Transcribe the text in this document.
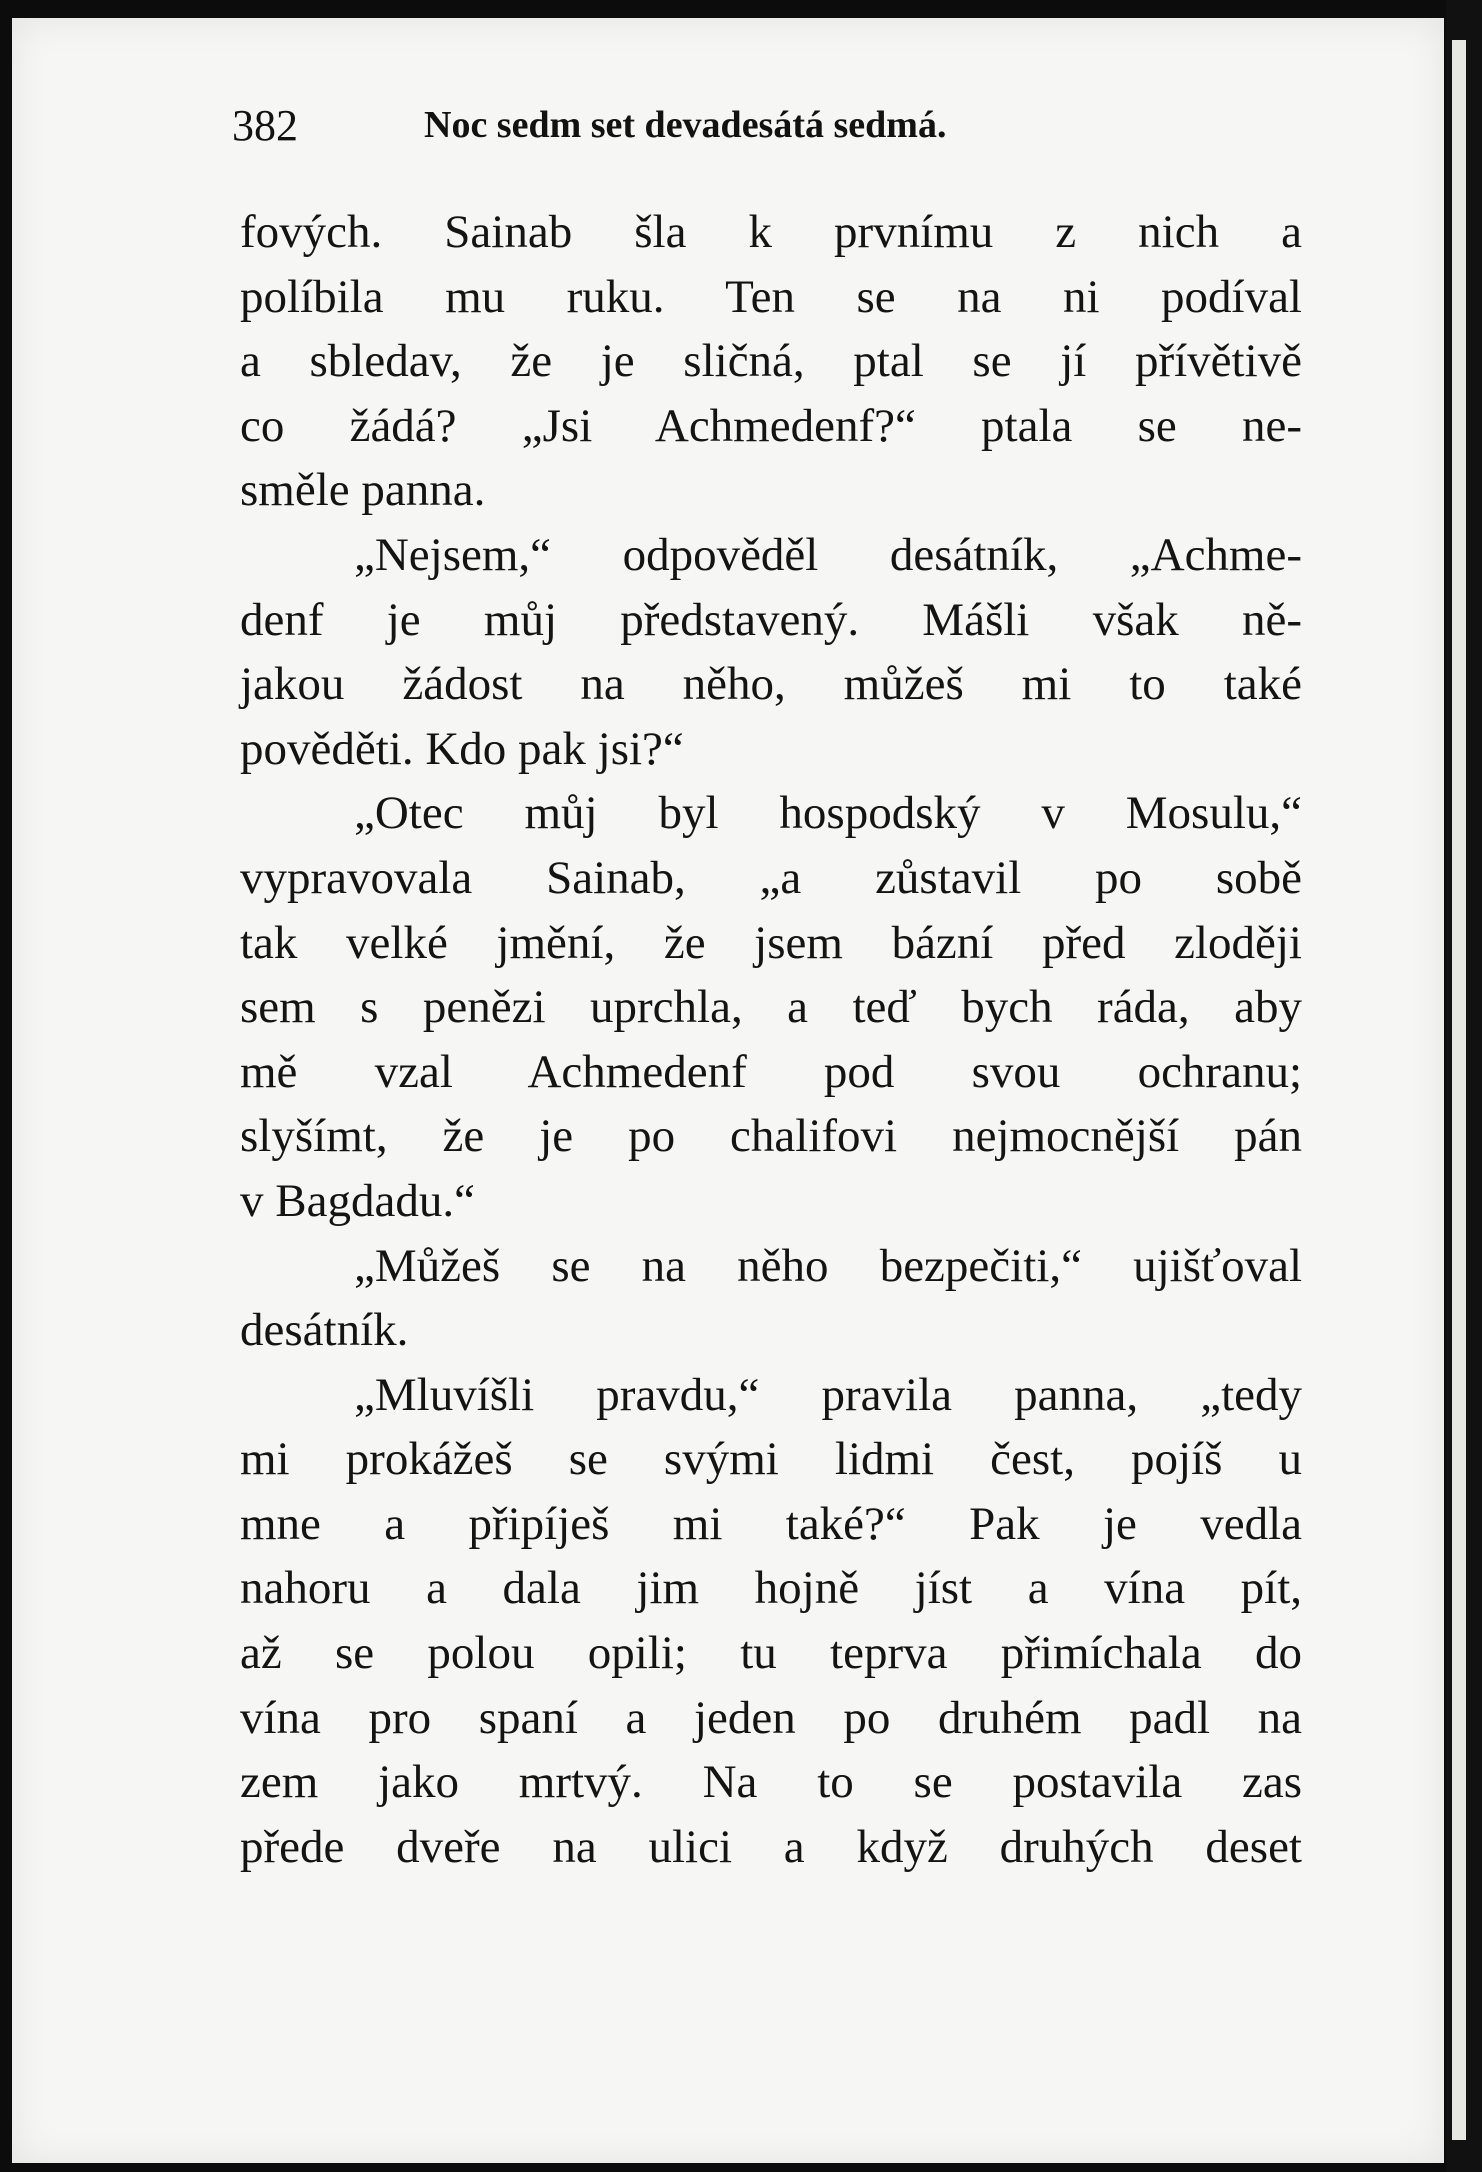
382	Noc sedm set devadesátá sedmá.
fových. Sainab šla k prvnímu z nich a
políbila mu ruku. Ten se na ni podíval
a sbledav, že je sličná, ptal se jí přívětivě
co žádá? „Jsi Achmedenf?“ ptala se ne-
směle panna.
„Nejsem,“ odpověděl desátník, „Achme-
denf je můj představený. Mášli však ně-
jakou žádost na něho, můžeš mi to také
pověděti. Kdo pak jsi?“
„Otec můj byl hospodský v Mosulu,“
vypravovala Sainab, „a zůstavil po sobě
tak velké jmění, že jsem bázní před zloději
sem s penězi uprchla, a teď bych ráda, aby
mě vzal Achmedenf pod svou ochranu;
slyšímt, že je po chalifovi nejmocnější pán
v Bagdadu.“
„Můžeš se na něho bezpečiti,“ ujišťoval
desátník.
„Mluvíšli pravdu,“ pravila panna, „tedy
mi prokážeš se svými lidmi čest, pojíš u
mne a připíješ mi také?“ Pak je vedla
nahoru a dala jim hojně jíst a vína pít,
až se polou opili; tu teprva přimíchala do
vína pro spaní a jeden po druhém padl na
zem jako mrtvý. Na to se postavila zas
přede dveře na ulici a když druhých deset
